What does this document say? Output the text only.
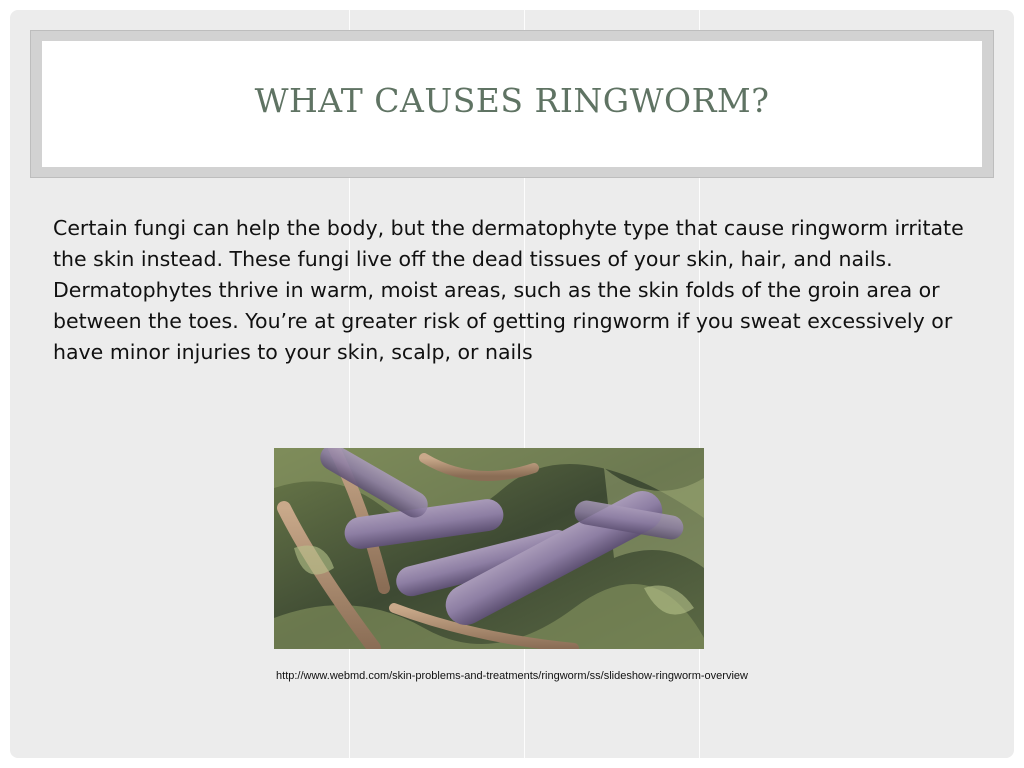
WHAT CAUSES RINGWORM?

Certain fungi can help the body, but the dermatophyte type that cause ringworm irritate the skin instead. These fungi live off the dead tissues of your skin, hair, and nails. Dermatophytes thrive in warm, moist areas, such as the skin folds of the groin area or between the toes. You’re at greater risk of getting ringworm if you sweat excessively or have minor injuries to your skin, scalp, or nails

http://www.webmd.com/skin-problems-and-treatments/ringworm/ss/slideshow-ringworm-overview
